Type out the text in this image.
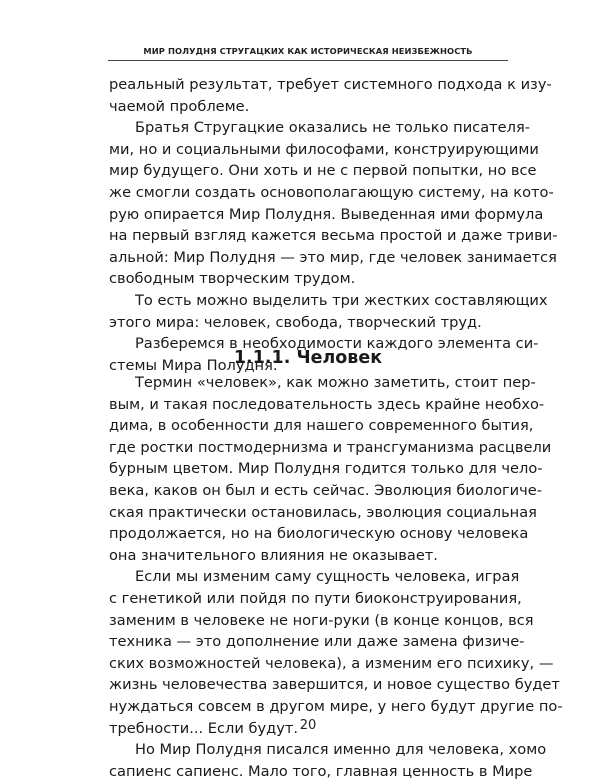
МИР ПОЛУДНЯ СТРУГАЦКИХ КАК ИСТОРИЧЕСКАЯ НЕИЗБЕЖНОСТЬ
реальный результат, требует системного подхода к изу-
чаемой проблеме.
Братья Стругацкие оказались не только писателя-
ми, но и социальными философами, конструирующими
мир будущего. Они хоть и не с первой попытки, но все
же смогли создать основополагающую систему, на кото-
рую опирается Мир Полудня. Выведенная ими формула
на первый взгляд кажется весьма простой и даже триви-
альной: Мир Полудня — это мир, где человек занимается
свободным творческим трудом.
То есть можно выделить три жестких составляющих
этого мира: человек, свобода, творческий труд.
Разберемся в необходимости каждого элемента си-
стемы Мира Полудня.
1.1.1. Человек
Термин «человек», как можно заметить, стоит пер-
вым, и такая последовательность здесь крайне необхо-
дима, в особенности для нашего современного бытия,
где ростки постмодернизма и трансгуманизма расцвели
бурным цветом. Мир Полудня годится только для чело-
века, каков он был и есть сейчас. Эволюция биологиче-
ская практически остановилась, эволюция социальная
продолжается, но на биологическую основу человека
она значительного влияния не оказывает.
Если мы изменим саму сущность человека, играя
с генетикой или пойдя по пути биоконструирования,
заменим в человеке не ноги-руки (в конце концов, вся
техника — это дополнение или даже замена физиче-
ских возможностей человека), а изменим его психику, —
жизнь человечества завершится, и новое существо будет
нуждаться совсем в другом мире, у него будут другие по-
требности... Если будут.
Но Мир Полудня писался именно для человека, хомо
сапиенс сапиенс. Мало того, главная ценность в Мире
20
